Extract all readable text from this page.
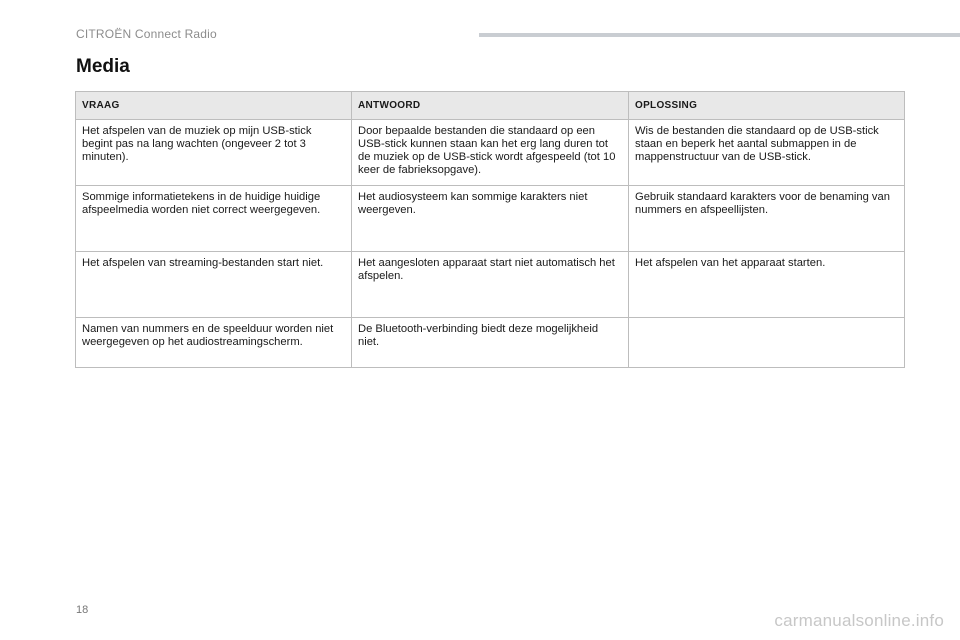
CITROËN Connect Radio
Media
VRAAG	ANTWOORD	OPLOSSING
Het afspelen van de muziek op mijn USB-stick begint pas na lang wachten (ongeveer 2 tot 3 minuten).	Door bepaalde bestanden die standaard op een USB-stick kunnen staan kan het erg lang duren tot de muziek op de USB-stick wordt afgespeeld (tot 10 keer de fabrieksopgave).	Wis de bestanden die standaard op de USB-stick staan en beperk het aantal submappen in de mappenstructuur van de USB-stick.
Sommige informatietekens in de huidige huidige afspeelmedia worden niet correct weergegeven.	Het audiosysteem kan sommige karakters niet weergeven.	Gebruik standaard karakters voor de benaming van nummers en afspeellijsten.
Het afspelen van streaming-bestanden start niet.	Het aangesloten apparaat start niet automatisch het afspelen.	Het afspelen van het apparaat starten.
Namen van nummers en de speelduur worden niet weergegeven op het audiostreamingscherm.	De Bluetooth-verbinding biedt deze mogelijkheid niet.	
18
carmanualsonline.info
